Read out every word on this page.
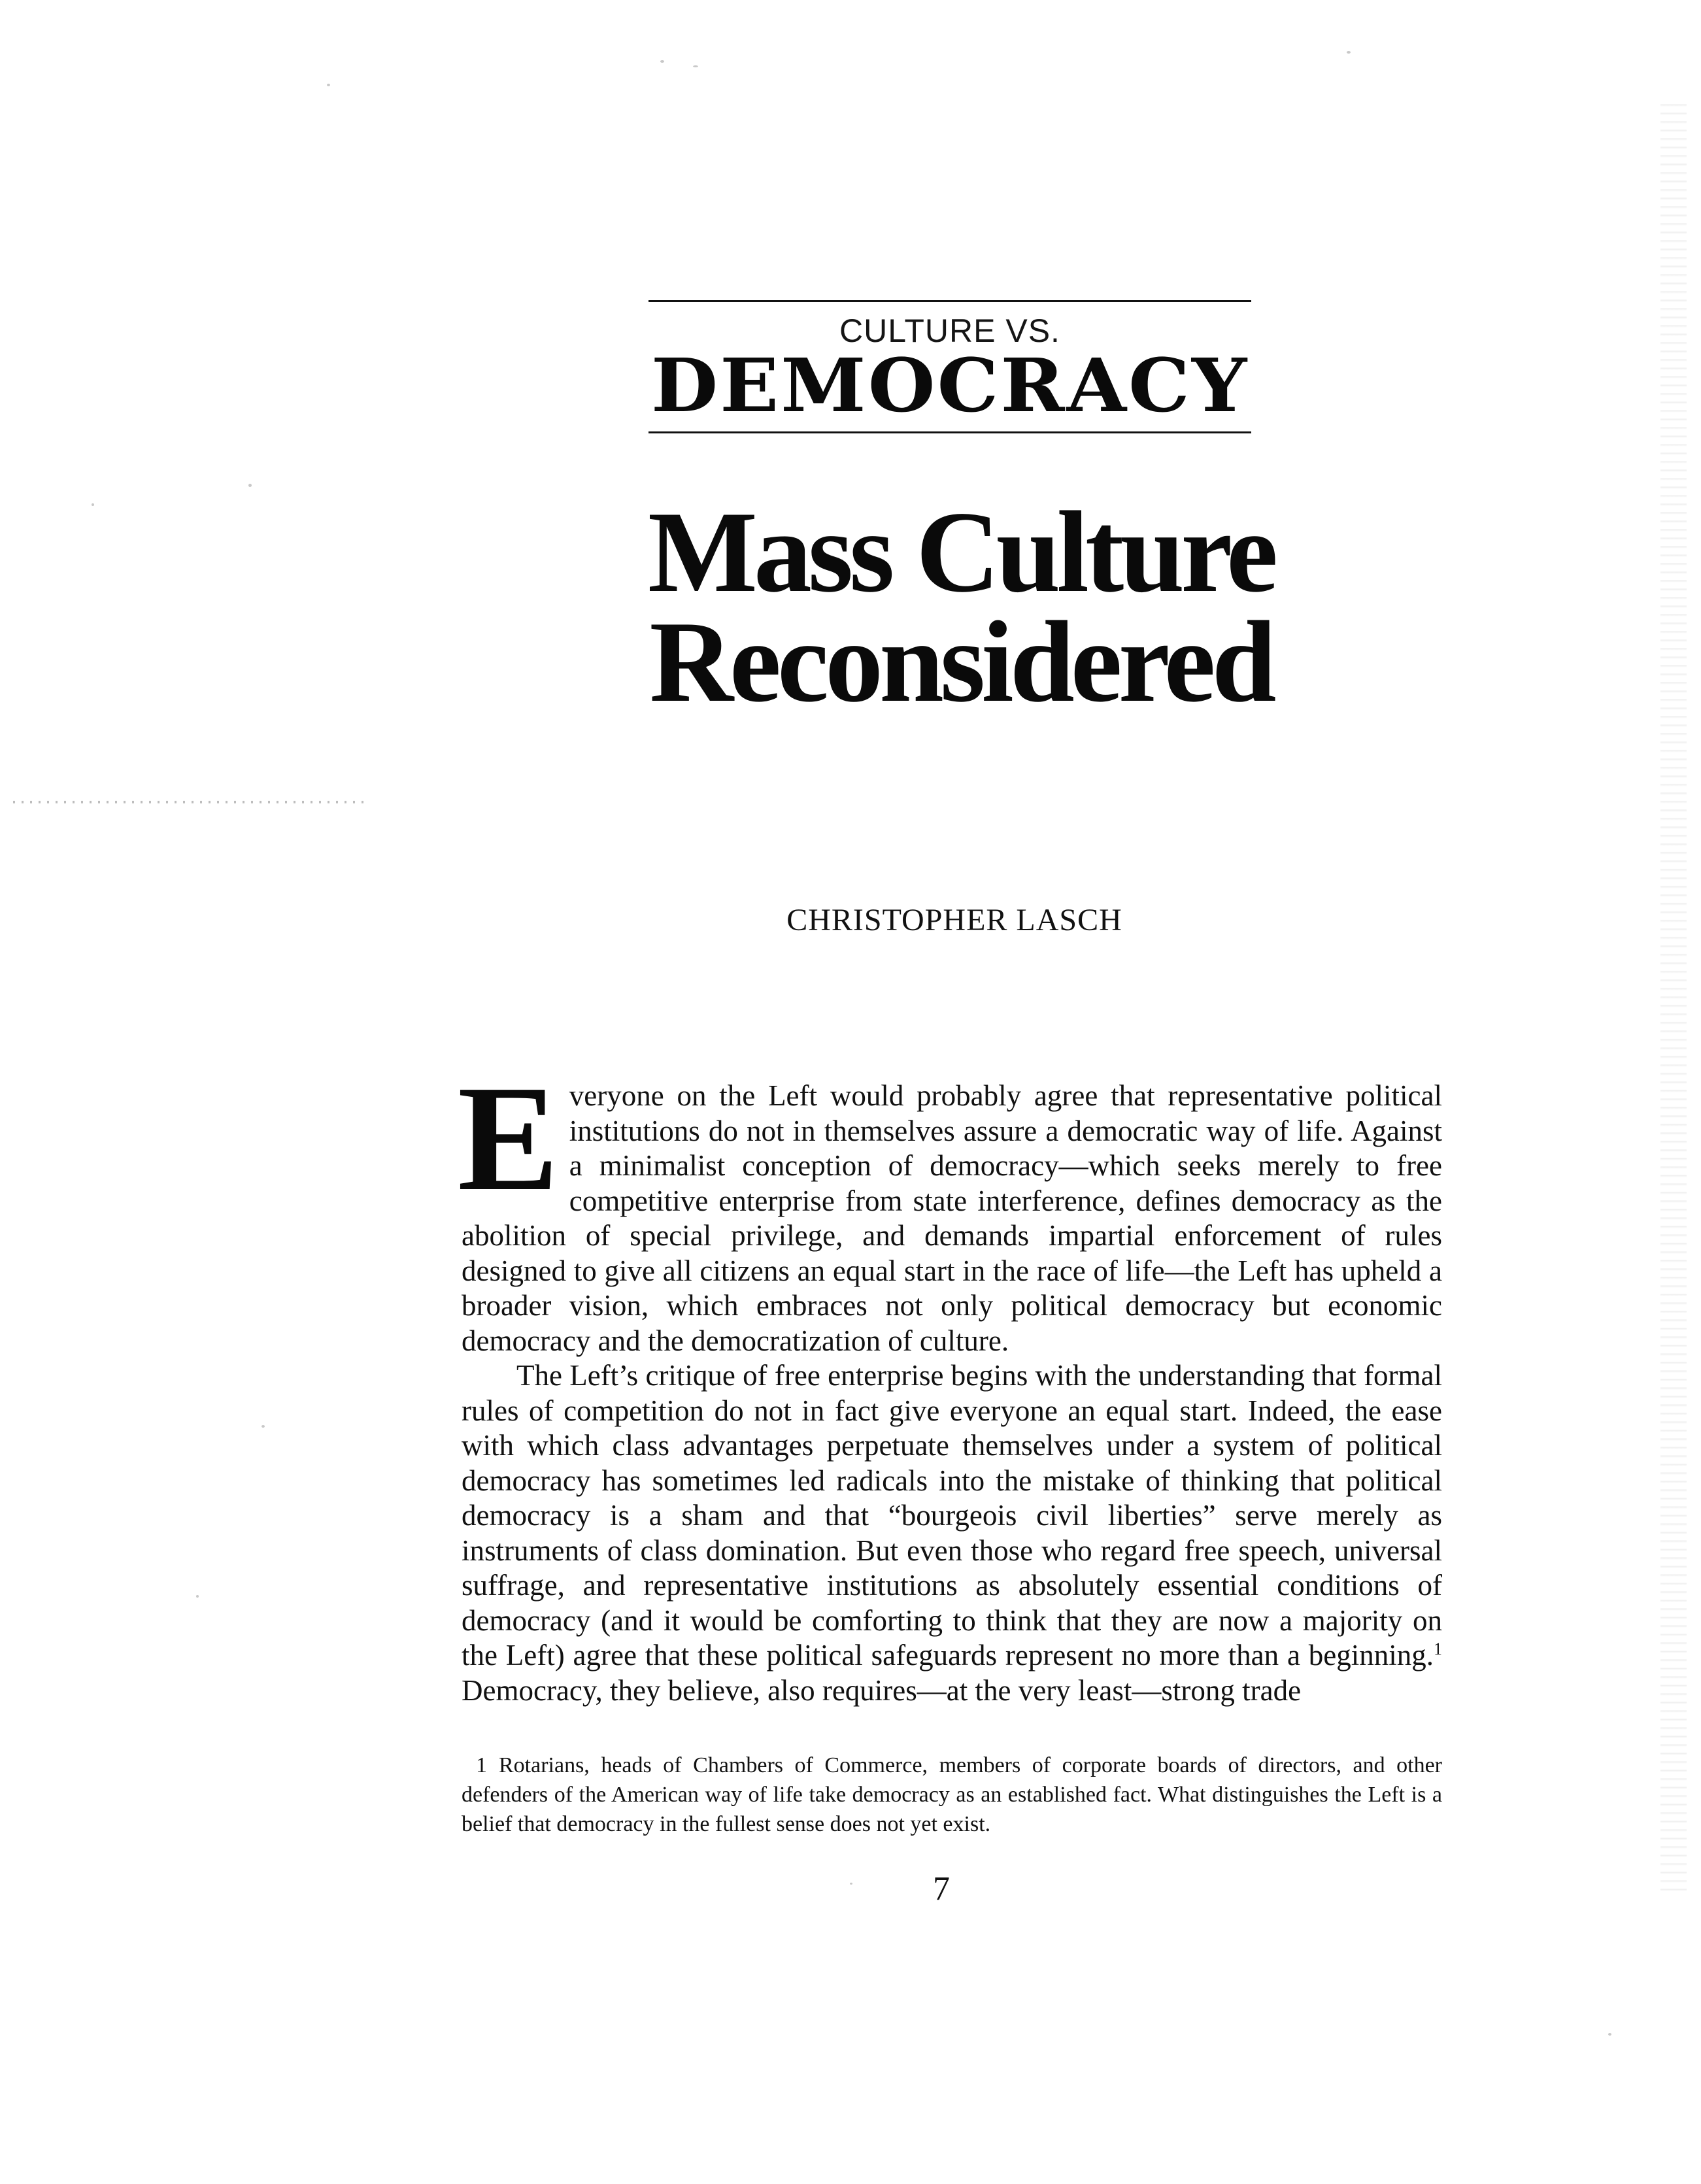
CULTURE VS.
DEMOCRACY
Mass Culture
Reconsidered
CHRISTOPHER LASCH

Everyone on the Left would probably agree that representative political institutions do not in themselves assure a democratic way of life. Against a minimalist conception of democracy—which seeks merely to free competitive enterprise from state interference, defines democracy as the abolition of special privilege, and demands impartial enforcement of rules designed to give all citizens an equal start in the race of life—the Left has upheld a broader vision, which embraces not only political democracy but economic democracy and the democratization of culture.

The Left’s critique of free enterprise begins with the understanding that formal rules of competition do not in fact give everyone an equal start. Indeed, the ease with which class advantages perpetuate themselves under a system of political democracy has sometimes led radicals into the mistake of thinking that political democracy is a sham and that “bourgeois civil liberties” serve merely as instruments of class domination. But even those who regard free speech, universal suffrage, and representative institutions as absolutely essential conditions of democracy (and it would be comforting to think that they are now a majority on the Left) agree that these political safeguards represent no more than a beginning.$^1$ Democracy, they believe, also requires—at the very least—strong trade

1 Rotarians, heads of Chambers of Commerce, members of corporate boards of directors, and other defenders of the American way of life take democracy as an established fact. What distinguishes the Left is a belief that democracy in the fullest sense does not yet exist.
7
